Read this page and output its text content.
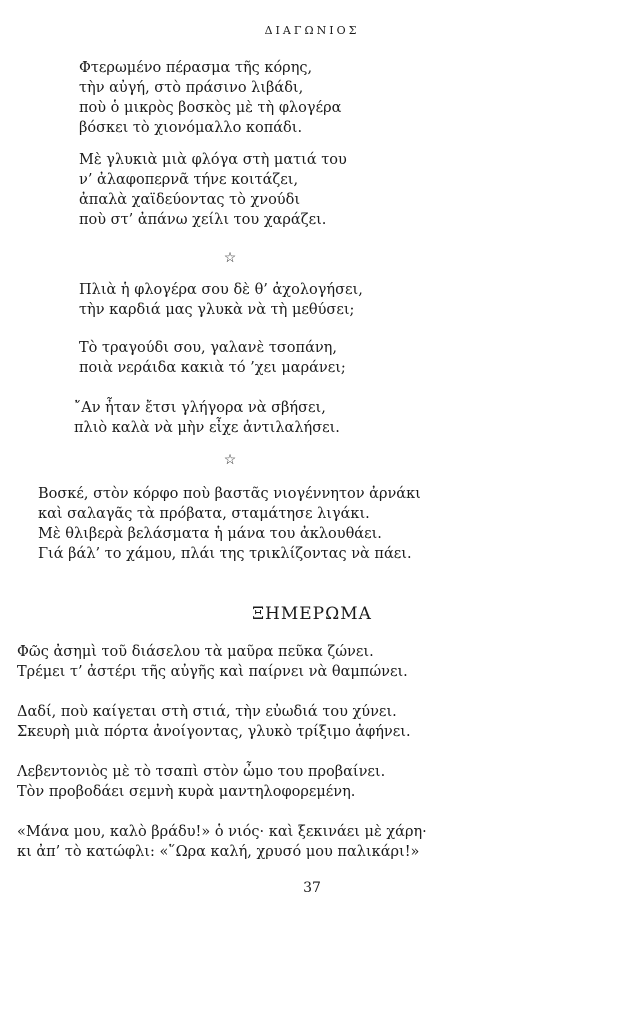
ΔΙΑΓΩΝΙΟΣ
Φτερωμένο πέρασμα τῆς κόρης,
τὴν αὐγή, στὸ πράσινο λιβάδι,
ποὺ ὁ μικρὸς βοσκὸς μὲ τὴ φλογέρα
βόσκει τὸ χιονόμαλλο κοπάδι.
Μὲ γλυκιὰ μιὰ φλόγα στὴ ματιά του
ν’ ἀλαφοπερνᾶ τήνε κοιτάζει,
ἀπαλὰ χαϊδεύοντας τὸ χνούδι
ποὺ στ’ ἀπάνω χείλι του χαράζει.
☆
Πλιὰ ἡ φλογέρα σου δὲ θ’ ἀχολογήσει,
τὴν καρδιά μας γλυκὰ νὰ τὴ μεθύσει;
Τὸ τραγούδι σου, γαλανὲ τσοπάνη,
ποιὰ νεράιδα κακιὰ τό ’χει μαράνει;
῎Αν ἦταν ἔτσι γλήγορα νὰ σβήσει,
πλιὸ καλὰ νὰ μὴν εἶχε ἀντιλαλήσει.
☆
Βοσκέ, στὸν κόρφο ποὺ βαστᾶς νιογέννητον ἀρνάκι
καὶ σαλαγᾶς τὰ πρόβατα, σταμάτησε λιγάκι.
Μὲ θλιβερὰ βελάσματα ἡ μάνα του ἀκλουθάει.
Γιά βάλ’ το χάμου, πλάι της τρικλίζοντας νὰ πάει.
ΞΗΜΕΡΩΜΑ
Φῶς ἀσημὶ τοῦ διάσελου τὰ μαῦρα πεῦκα ζώνει.
Τρέμει τ’ ἀστέρι τῆς αὐγῆς καὶ παίρνει νὰ θαμπώνει.
Δαδί, ποὺ καίγεται στὴ στιά, τὴν εὐωδιά του χύνει.
Σκευρὴ μιὰ πόρτα ἀνοίγοντας, γλυκὸ τρίξιμο ἀφήνει.
Λεβεντονιὸς μὲ τὸ τσαπὶ στὸν ὦμο του προβαίνει.
Τὸν προβοδάει σεμνὴ κυρὰ μαντηλοφορεμένη.
«Μάνα μου, καλὸ βράδυ!» ὁ νιός· καὶ ξεκινάει μὲ χάρη·
κι ἀπ’ τὸ κατώφλι: «῞Ωρα καλή, χρυσό μου παλικάρι!»
37
